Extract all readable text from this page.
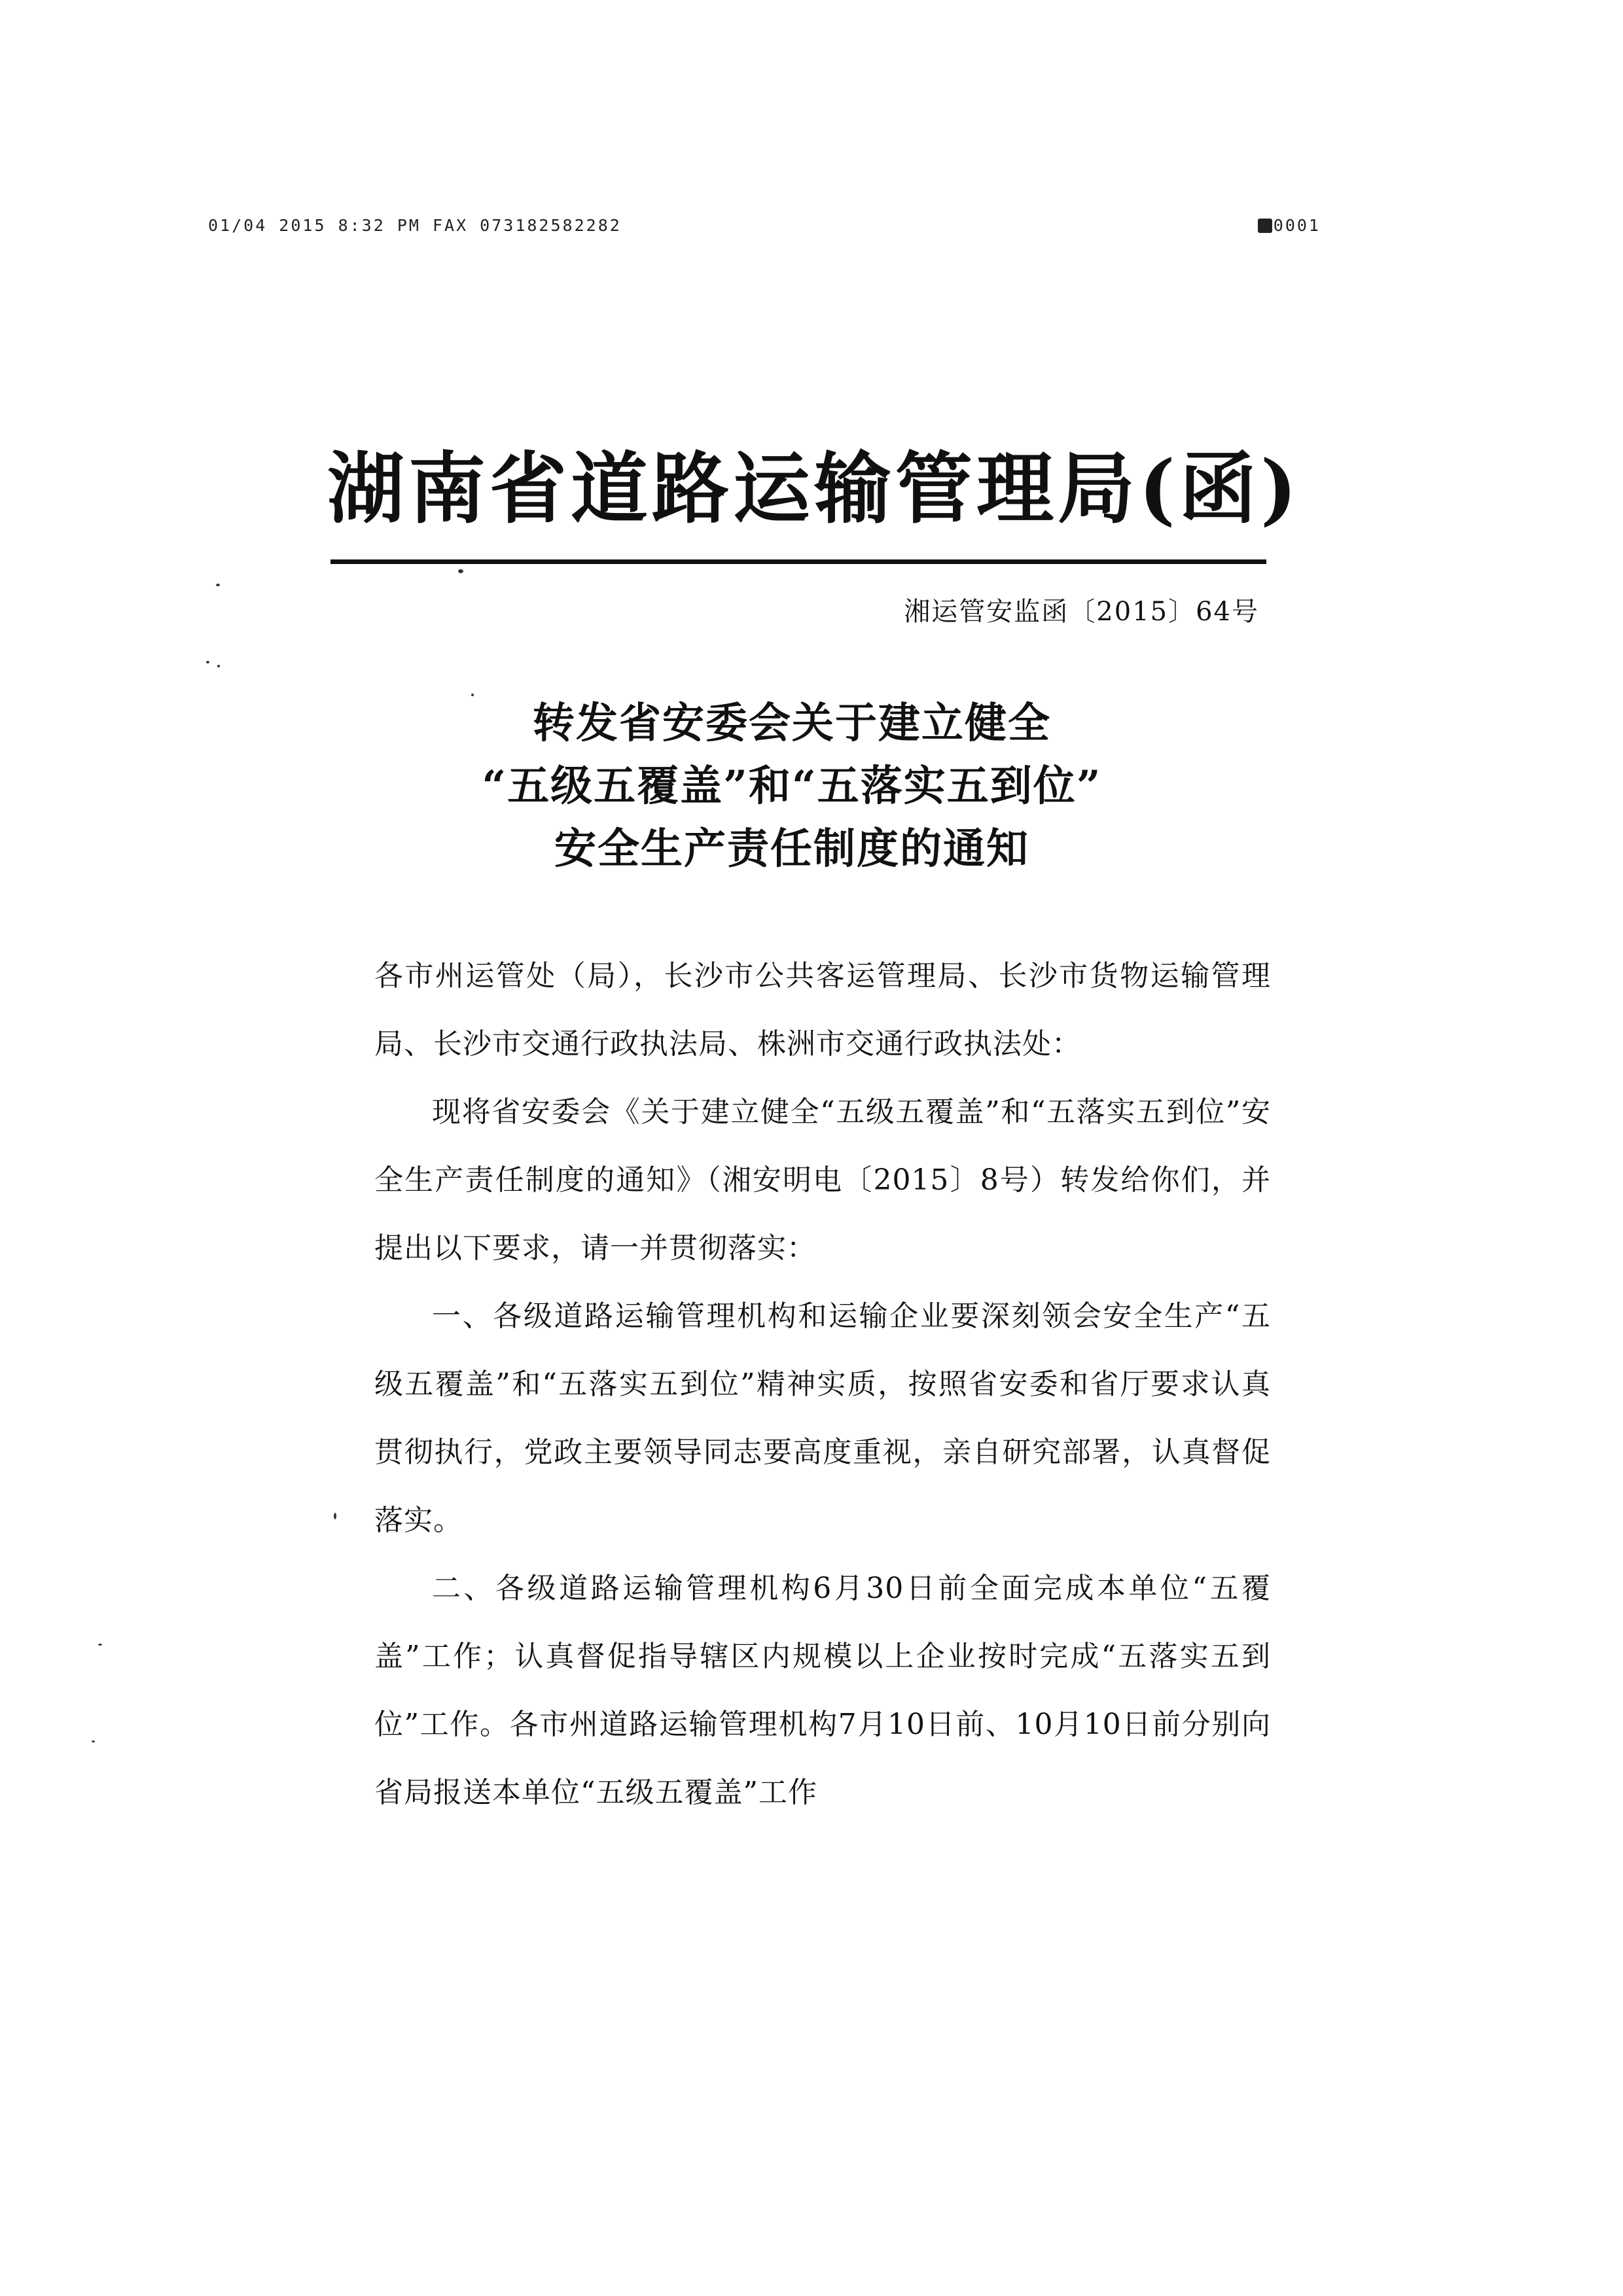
01/04 2015 8:32 PM FAX 073182582282	0001
湖南省道路运输管理局(函)
湘运管安监函〔2015〕64号
转发省安委会关于建立健全
“五级五覆盖”和“五落实五到位”
安全生产责任制度的通知

各市州运管处（局），长沙市公共客运管理局、长沙市货物运输管理局、长沙市交通行政执法局、株洲市交通行政执法处：

现将省安委会《关于建立健全“五级五覆盖”和“五落实五到位”安全生产责任制度的通知》（湘安明电〔2015〕8号）转发给你们，并提出以下要求，请一并贯彻落实：

一、各级道路运输管理机构和运输企业要深刻领会安全生产“五级五覆盖”和“五落实五到位”精神实质，按照省安委和省厅要求认真贯彻执行，党政主要领导同志要高度重视，亲自研究部署，认真督促落实。

二、各级道路运输管理机构6月30日前全面完成本单位“五覆盖”工作；认真督促指导辖区内规模以上企业按时完成“五落实五到位”工作。各市州道路运输管理机构7月10日前、10月10日前分别向省局报送本单位“五级五覆盖”工作
